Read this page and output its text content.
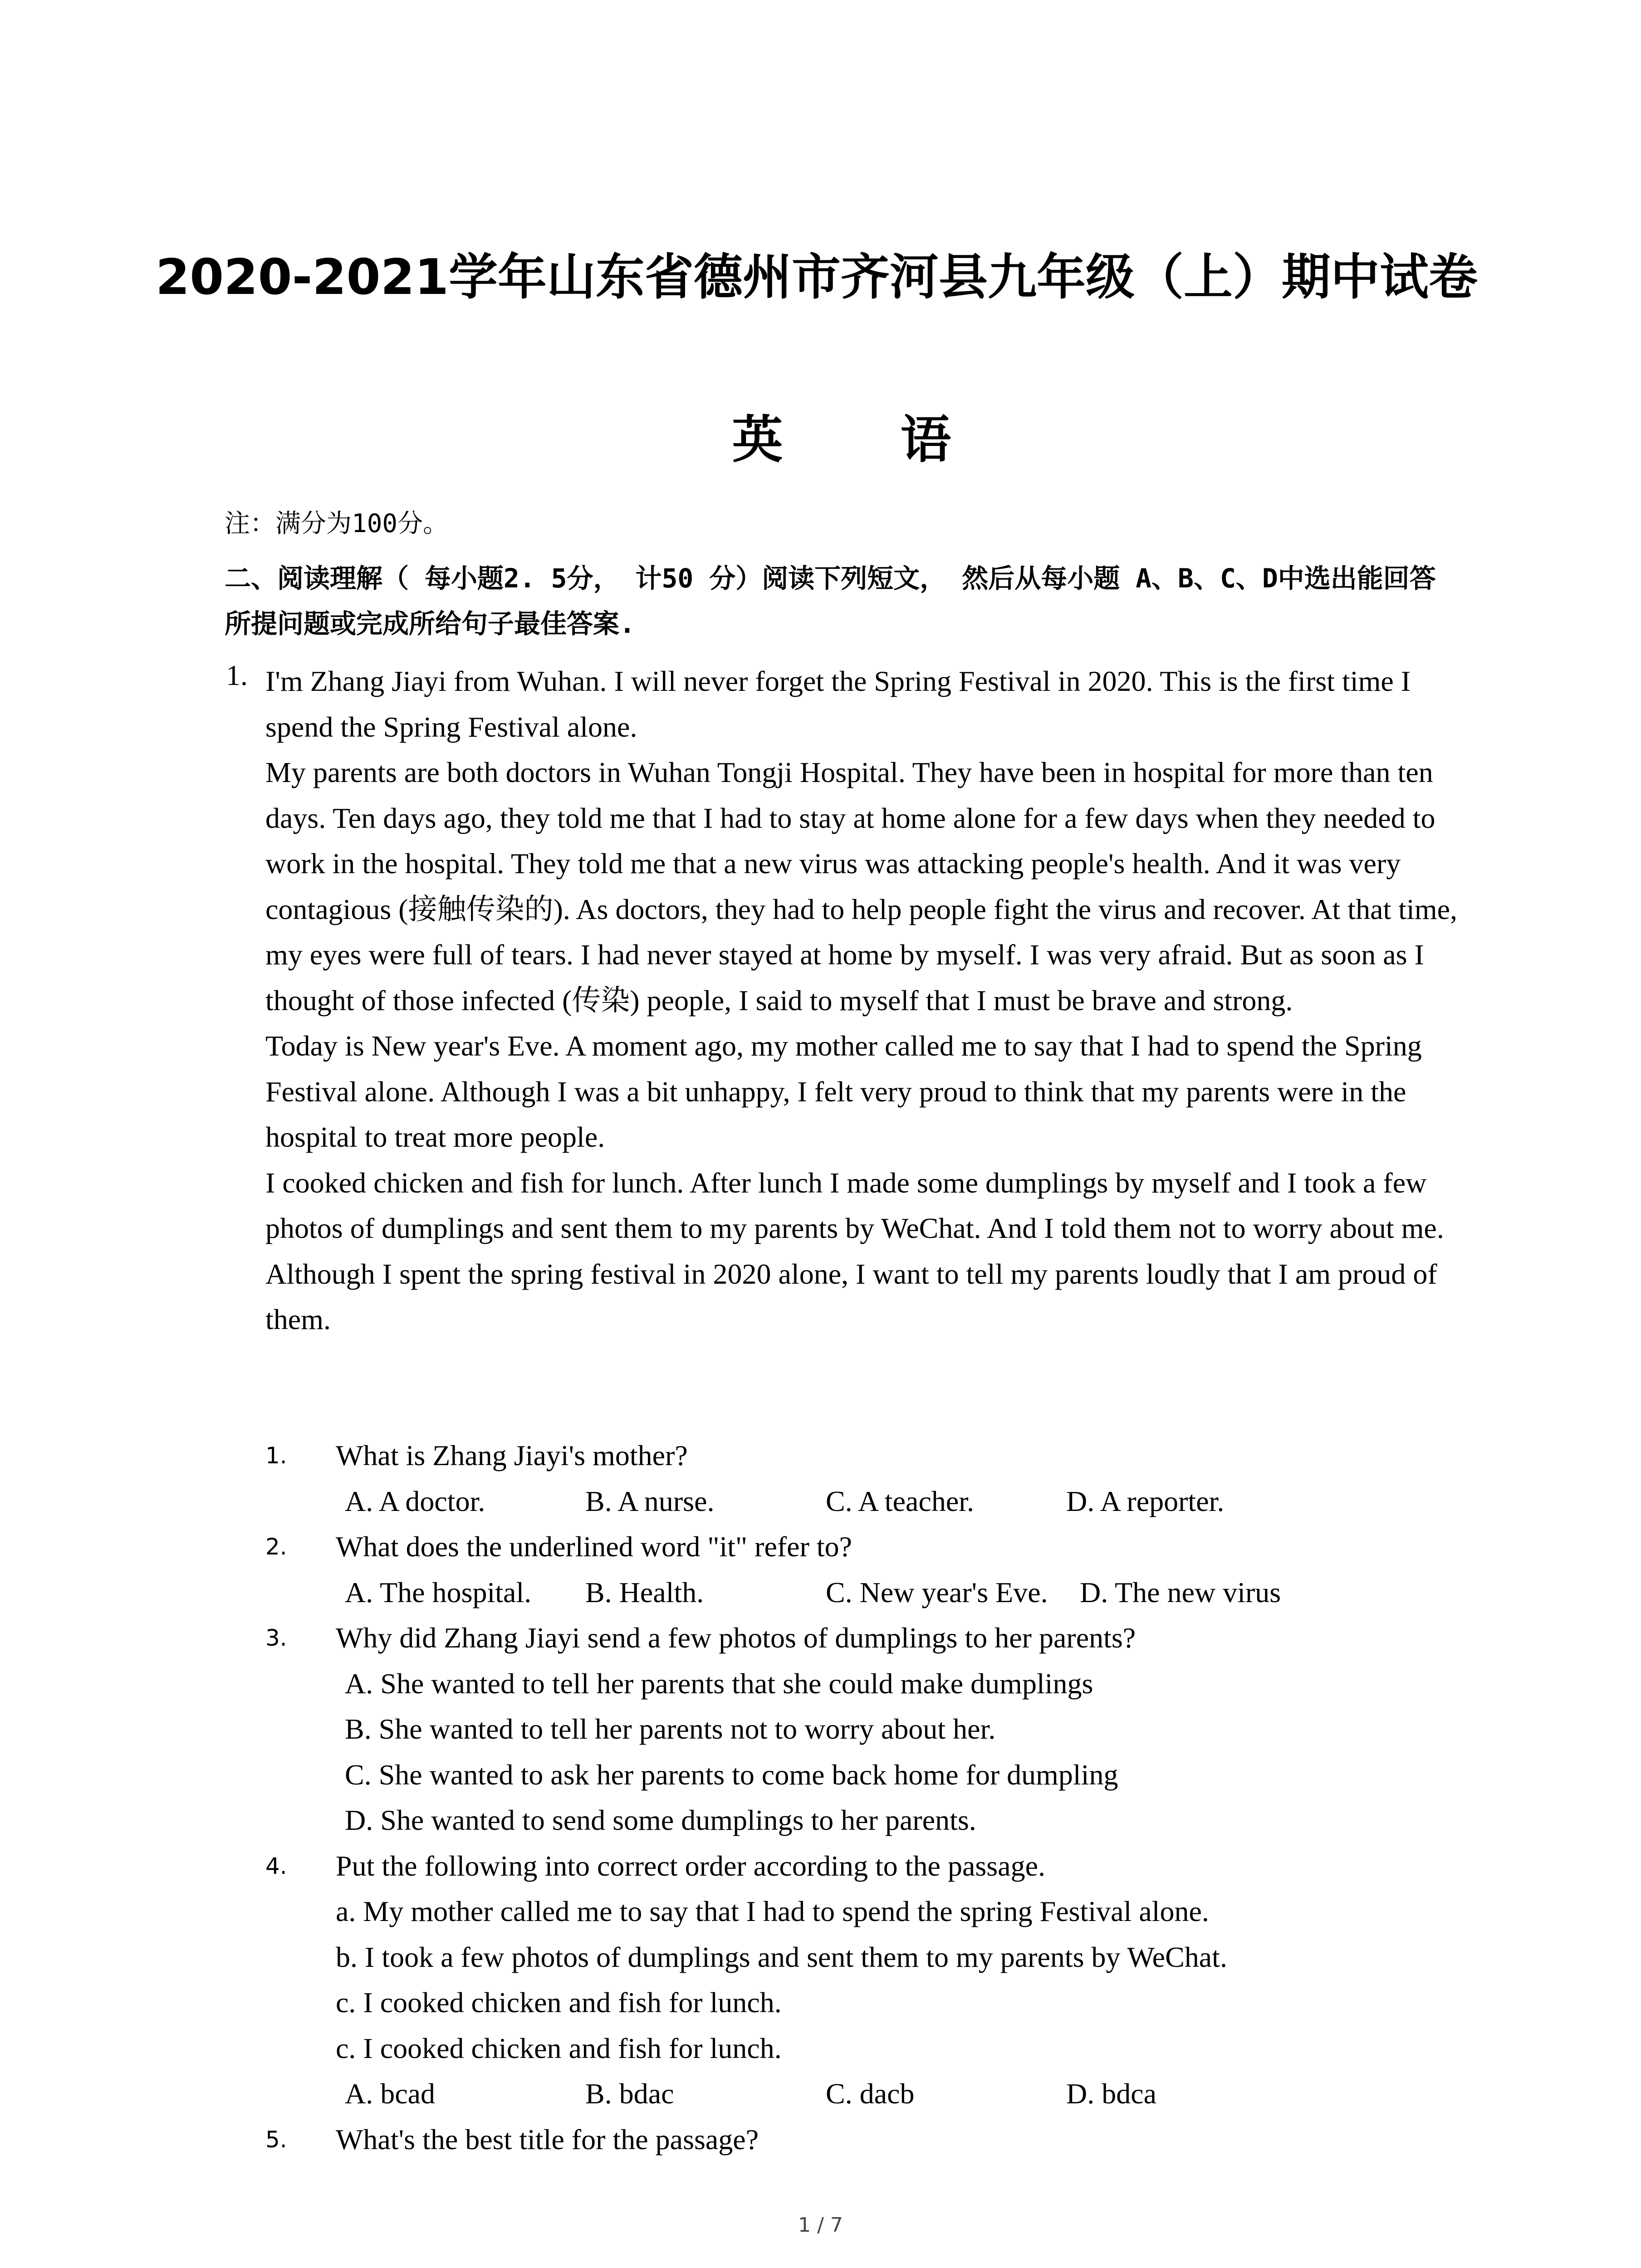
2020-2021学年山东省德州市齐河县九年级（上）期中试卷
英 语

注：满分为100分。

二、阅读理解（ 每小题2. 5分， 计50 分）阅读下列短文， 然后从每小题 A、B、C、D中选出能回答所提问题或完成所给句子最佳答案.

1. I'm Zhang Jiayi from Wuhan. I will never forget the Spring Festival in 2020. This is the first time I spend the Spring Festival alone.

My parents are both doctors in Wuhan Tongji Hospital. They have been in hospital for more than ten days. Ten days ago, they told me that I had to stay at home alone for a few days when they needed to work in the hospital. They told me that a new virus was attacking people's health. And it was very contagious (接触传染的). As doctors, they had to help people fight the virus and recover. At that time, my eyes were full of tears. I had never stayed at home by myself. I was very afraid. But as soon as I thought of those infected (传染) people, I said to myself that I must be brave and strong.

Today is New year's Eve. A moment ago, my mother called me to say that I had to spend the Spring Festival alone. Although I was a bit unhappy, I felt very proud to think that my parents were in the hospital to treat more people.

I cooked chicken and fish for lunch. After lunch I made some dumplings by myself and I took a few photos of dumplings and sent them to my parents by WeChat. And I told them not to worry about me.

Although I spent the spring festival in 2020 alone, I want to tell my parents loudly that I am proud of them.

1.	What is Zhang Jiayi's mother?
A. A doctor.	B. A nurse.	C. A teacher.	D. A reporter.
2.	What does the underlined word "it" refer to?
A. The hospital.	B. Health.	C. New year's Eve.	D. The new virus
3.	Why did Zhang Jiayi send a few photos of dumplings to her parents?
A. She wanted to tell her parents that she could make dumplings
B. She wanted to tell her parents not to worry about her.
C. She wanted to ask her parents to come back home for dumpling
D. She wanted to send some dumplings to her parents.
4.	Put the following into correct order according to the passage.
a. My mother called me to say that I had to spend the spring Festival alone.
b. I took a few photos of dumplings and sent them to my parents by WeChat.
c. I cooked chicken and fish for lunch.
c. I cooked chicken and fish for lunch.
A. bcad	B. bdac	C. dacb	D. bdca
5.	What's the best title for the passage?
1 / 7
